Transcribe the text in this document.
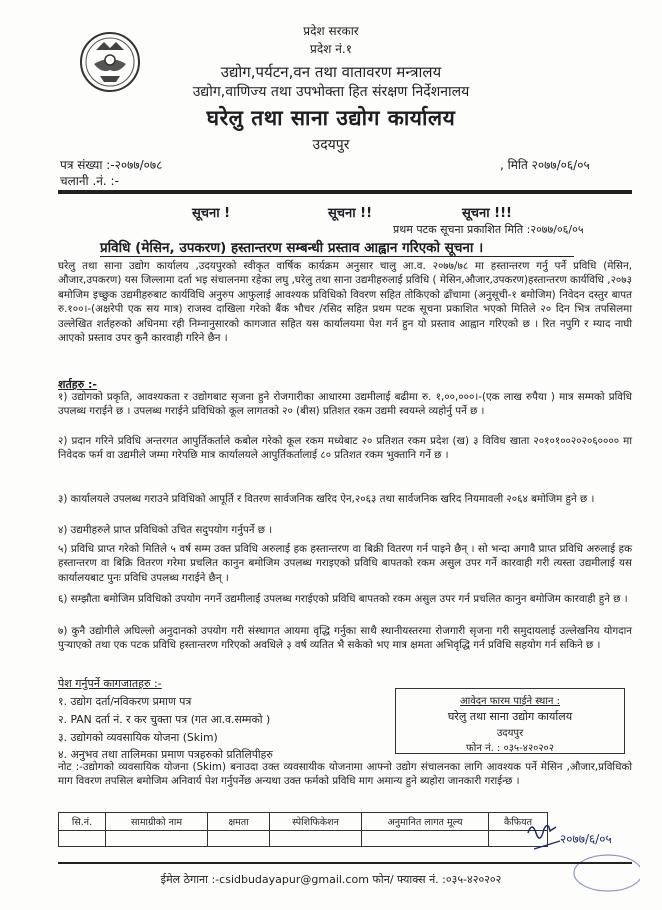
प्रदेश सरकार
प्रदेश नं.१
उद्योग,पर्यटन,वन तथा वातावरण मन्त्रालय
उद्योग,वाणिज्य तथा उपभोक्ता हित संरक्षण निर्देशनालय
घरेलु तथा साना उद्योग कार्यालय
उदयपुर
पत्र संख्या :-२०७७/०७८
चलानी .नं. :-
, मिति २०७७/०६/०५
सूचना !	सूचना !!	सूचना !!!
प्रथम पटक सूचना प्रकाशित मिति :२०७७/०६/०५
प्रविधि (मेसिन, उपकरण) हस्तान्तरण सम्बन्धी प्रस्ताव आह्वान गरिएको सूचना ।
घरेलु तथा साना उद्योग कार्यालय ,उदयपुरको स्वीकृत वार्षिक कार्यक्रम अनुसार चालु आ.व. २०७७/७८ मा हस्तान्तरण गर्नु पर्ने प्रविधि (मेसिन, औजार,उपकरण) यस जिल्लामा दर्ता भइ संचालनमा रहेका लघु ,घरेलु तथा साना उद्यमीहरुलाई प्रविधि ( मेसिन,औजार,उपकरण)हस्तान्तरण कार्यविधि ,२०७३ बमोजिम इच्छुक उद्यमीहरुबाट कार्यविधि अनुरुप आफुलाई आवश्यक प्रविधिको विवरण सहित तोकिएको ढाँचामा (अनुसूची-१ बमोजिम) निवेदन दस्तुर बापत रु.१००।-(अक्षरेपी एक सय मात्र) राजस्व दाखिला गरेको बैंक भौचर /रसिद सहित प्रथम पटक सूचना प्रकाशित भएको मितिले २० दिन भित्र तपसिलमा उल्लेखित शर्तहरुको अधिनमा रही निम्नानुसारको कागजात सहित यस कार्यालयमा पेश गर्न हुन यो प्रस्ताव आह्वान गरिएको छ । रित नपुगि र म्याद नाघी आएको प्रस्ताव उपर कुनै कारवाही गरिने छैन ।
शर्तहरु :-
१) उद्योगको प्रकृति, आवश्यकता र उद्योगबाट सृजना हुने रोजगारीका आधारमा उद्यमीलाई बढीमा रु. १,००,०००।-(एक लाख रुपैया ) मात्र सम्मको प्रविधि उपलब्ध गराईने छ । उपलब्ध गराईने प्रविधिको कूल लागतको २० (बीस) प्रतिशत रकम उद्यमी स्वयम्ले व्यहोर्नु पर्ने छ ।
२) प्रदान गरिने प्रविधि अन्तरगत आपुर्तिकर्ताले कबोल गरेको कूल रकम मध्येबाट २० प्रतिशत रकम प्रदेश (ख) ३ विविध खाता २०१०१००२०२०६०००० मा निवेदक फर्म वा उद्यमीले जम्मा गरेपछि मात्र कार्यालयले आपुर्तिकर्तालाई ८० प्रतिशत रकम भुक्तानि गर्ने छ ।
३) कार्यालयले उपलब्ध गराउने प्रविधिको आपूर्ति र वितरण सार्वजनिक खरिद ऐन,२०६३ तथा सार्वजनिक खरिद नियमावली २०६४ बमोजिम हुने छ ।
४) उद्यमीहरुले प्राप्त प्रविधिको उचित सदुपयोग गर्नुपर्ने छ ।
५) प्रविधि प्राप्त गरेको मितिले ५ वर्ष सम्म उक्त प्रविधि अरुलाई हक हस्तान्तरण वा बिक्री वितरण गर्न पाइने छैन् । सो भन्दा अगावै प्राप्त प्रविधि अरुलाई हक हस्तान्तरण वा बिक्रि वितरण गरेमा प्रचलित कानुन बमोजिम उपलब्ध गराइएको प्रविधि बापतको रकम असुल उपर गर्ने कारवाही गरी त्यस्ता उद्यमीलाई यस कार्यालयबाट पुनः प्रविधि उपलब्ध गराईने छैन् ।
६) सम्झौता बमोजिम प्रविधिको उपयोग नगर्ने उद्यमीलाई उपलब्ध गराईएको प्रविधि बापतको रकम असुल उपर गर्न प्रचलित कानुन बमोजिम कारवाही हुने छ ।
७) कुनै उद्योगीले अघिल्लो अनुदानको उपयोग गरी संस्थागत आयमा वृद्धि गर्नुका साथै स्थानीयस्तरमा रोजगारी सृजना गरी समुदायलाई उल्लेखनिय योगदान पुऱ्याएको तथा एक पटक प्रविधि हस्तान्तरण गरिएको अवधिले ३ वर्ष व्यतित भै सकेको भए मात्र क्षमता अभिवृद्धि गर्न प्रविधि सहयोग गर्न सकिने छ ।
पेश गर्नुपर्ने कागजातहरु :-
१. उद्योग दर्ता/नविकरण प्रमाण पत्र
२. PAN दर्ता नं. र कर चुक्ता पत्र (गत आ.व.सम्मको )
३. उद्योगको व्यवसायिक योजना (Skim)
४. अनुभव तथा तालिमका प्रमाण पत्रहरुको प्रतिलिपीहरु
आवेदन फारम पाईने स्थान :
घरेलु तथा साना उद्योग कार्यालय
उदयपुर
फोन नं. : ०३५-४२०२०२
नोट :-उद्योगको व्यवसायिक योजना (Skim) बनाउदा उक्त व्यवसायीक योजनामा आफ्नो उद्योग संचालनका लागि आवश्यक पर्ने मेसिन ,औजार,प्रविधिको माग विवरण तपसिल बमोजिम अनिवार्य पेश गर्नुपर्नेछ अन्यथा उक्त फर्मको प्रविधि माग अमान्य हुने ब्यहोरा जानकारी गराईन्छ ।
सि.नं.	सामाग्रीको नाम	क्षमता	स्पेशिफिकेशन	अनुमानित लागत मूल्य	कैफियत

२०७७/६/०५
ईमेल ठेगाना :-csidbudayapur@gmail.com फोन/ फ्याक्स नं. :०३५-४२०२०२
